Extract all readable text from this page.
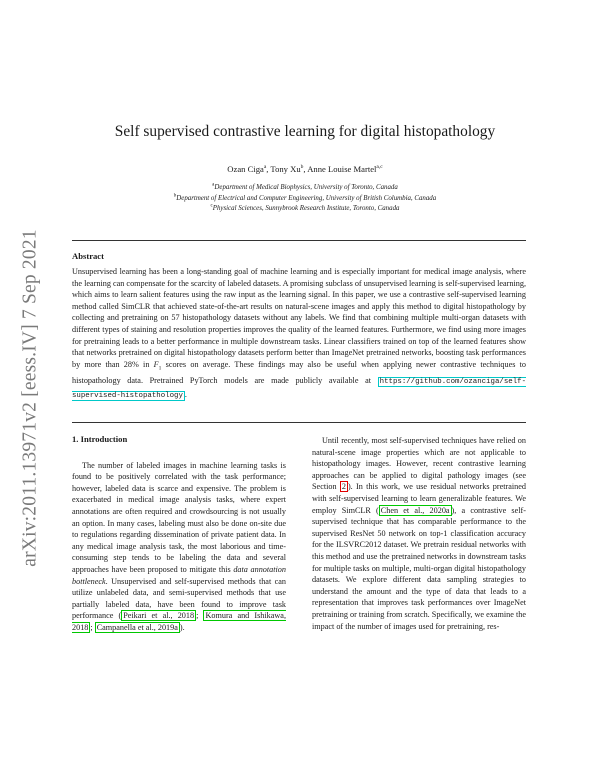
arXiv:2011.13971v2 [eess.IV] 7 Sep 2021
Self supervised contrastive learning for digital histopathology
Ozan Ciga$^a$, Tony Xu$^b$, Anne Louise Martel$^{a,c}$
$^a$Department of Medical Biophysics, University of Toronto, Canada
$^b$Department of Electrical and Computer Engineering, University of British Columbia, Canada
$^c$Physical Sciences, Sunnybrook Research Institute, Toronto, Canada
Abstract

Unsupervised learning has been a long-standing goal of machine learning and is especially important for medical image analysis, where the learning can compensate for the scarcity of labeled datasets. A promising subclass of unsupervised learning is self-supervised learning, which aims to learn salient features using the raw input as the learning signal. In this paper, we use a contrastive self-supervised learning method called SimCLR that achieved state-of-the-art results on natural-scene images and apply this method to digital histopathology by collecting and pretraining on 57 histopathology datasets without any labels. We find that combining multiple multi-organ datasets with different types of staining and resolution properties improves the quality of the learned features. Furthermore, we find using more images for pretraining leads to a better performance in multiple downstream tasks. Linear classifiers trained on top of the learned features show that networks pretrained on digital histopathology datasets perform better than ImageNet pretrained networks, boosting task performances by more than 28% in $F_1$ scores on average. These findings may also be useful when applying newer contrastive techniques to histopathology data. Pretrained PyTorch models are made publicly available at https://github.com/ozanciga/self-supervised-histopathology .

1. Introduction

The number of labeled images in machine learning tasks is found to be positively correlated with the task performance; however, labeled data is scarce and expensive. The problem is exacerbated in medical image analysis tasks, where expert annotations are often required and crowdsourcing is not usually an option. In many cases, labeling must also be done on-site due to regulations regarding dissemination of private patient data. In any medical image analysis task, the most laborious and time-consuming step tends to be labeling the data and several approaches have been proposed to mitigate this data annotation bottleneck. Unsupervised and self-supervised methods that can utilize unlabeled data, and semi-supervised methods that use partially labeled data, have been found to improve task performance ( Peikari et al., 2018 ; Komura and Ishikawa, 2018 ; Campanella et al., 2019a ).

Until recently, most self-supervised techniques have relied on natural-scene image properties which are not applicable to histopathology images. However, recent contrastive learning approaches can be applied to digital pathology images (see Section 2 ). In this work, we use residual networks pretrained with self-supervised learning to learn generalizable features. We employ SimCLR ( Chen et al., 2020a ), a contrastive self-supervised technique that has comparable performance to the supervised ResNet 50 network on top-1 classification accuracy for the ILSVRC2012 dataset. We pretrain residual networks with this method and use the pretrained networks in downstream tasks for multiple tasks on multiple, multi-organ digital histopathology datasets. We explore different data sampling strategies to understand the amount and the type of data that leads to a representation that improves task performances over ImageNet pretraining or training from scratch. Specifically, we examine the impact of the number of images used for pretraining, res-
